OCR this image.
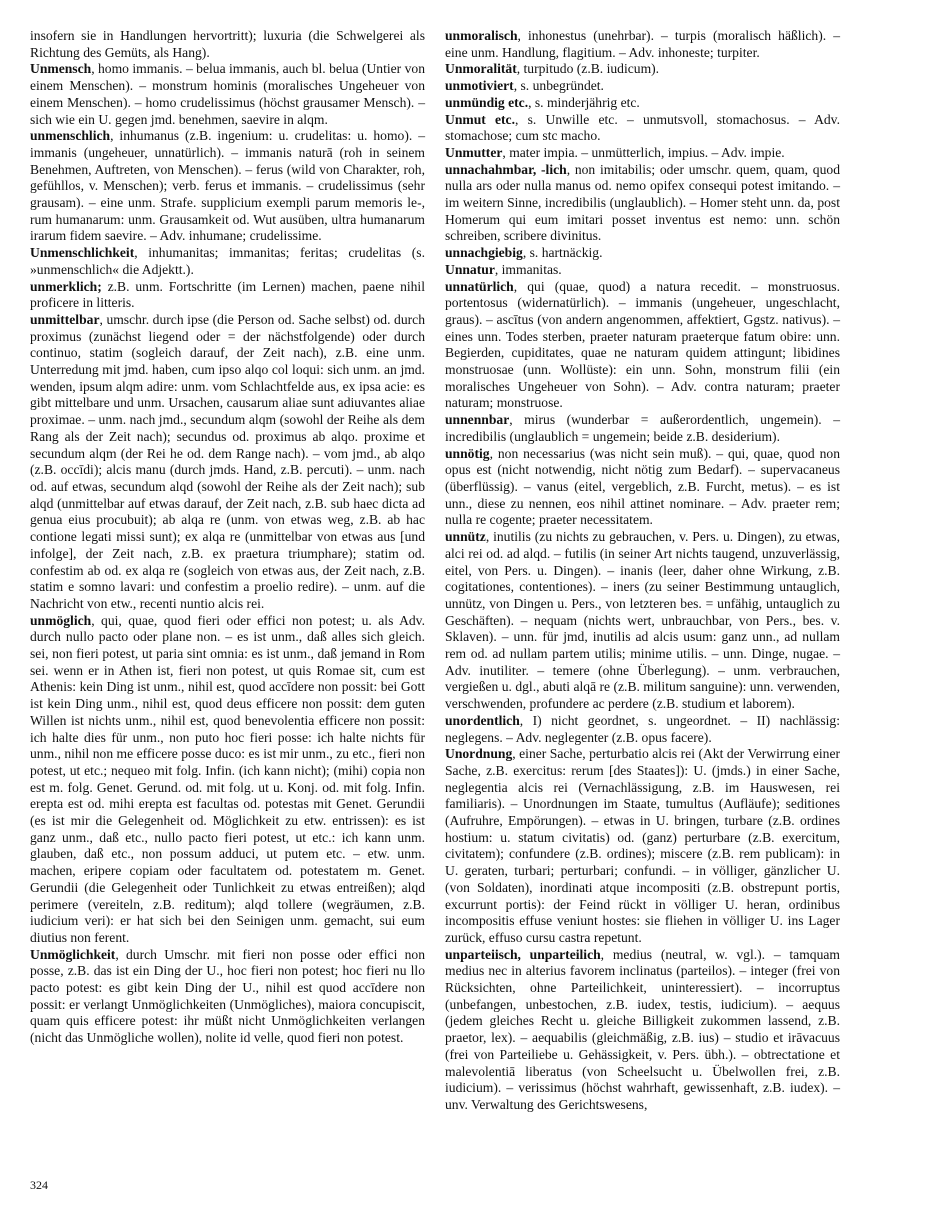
insofern sie in Handlungen hervortritt); luxuria (die Schwelgerei als Richtung des Gemüts, als Hang).

Unmensch, homo immanis. – belua immanis, auch bl. belua (Untier von einem Menschen). – monstrum hominis (moralisches Ungeheuer von einem Menschen). – homo crudelissimus (höchst grausamer Mensch). – sich wie ein U. gegen jmd. benehmen, saevire in alqm.

unmenschlich, inhumanus (z.B. ingenium: u. crudelitas: u. homo). – immanis (ungeheuer, unnatürlich). – immanis naturā (roh in seinem Benehmen, Auftreten, von Menschen). – ferus (wild von Charakter, roh, gefühllos, v. Menschen); verb. ferus et immanis. – crudelissimus (sehr grausam). – eine unm. Strafe. supplicium exempli parum memoris le-, rum humanarum: unm. Grausamkeit od. Wut ausüben, ultra humanarum irarum fidem saevire. – Adv. inhumane; crudelissime.

Unmenschlichkeit, inhumanitas; immanitas; feritas; crudelitas (s. »unmenschlich« die Adjektt.).

unmerklich; z.B. unm. Fortschritte (im Lernen) machen, paene nihil proficere in litteris.

unmittelbar, umschr. durch ipse (die Person od. Sache selbst) od. durch proximus (zunächst liegend oder = der nächstfolgende) oder durch continuo, statim (sogleich darauf, der Zeit nach), z.B. eine unm. Unterredung mit jmd. haben, cum ipso alqo col loqui: sich unm. an jmd. wenden, ipsum alqm adire: unm. vom Schlachtfelde aus, ex ipsa acie: es gibt mittelbare und unm. Ursachen, causarum aliae sunt adiuvantes aliae proximae. – unm. nach jmd., secundum alqm (sowohl der Reihe als dem Rang als der Zeit nach); secundus od. proximus ab alqo. proxime et secundum alqm (der Rei he od. dem Range nach). – vom jmd., ab alqo (z.B. occīdi); alcis manu (durch jmds. Hand, z.B. percuti). – unm. nach od. auf etwas, secundum alqd (sowohl der Reihe als der Zeit nach); sub alqd (unmittelbar auf etwas darauf, der Zeit nach, z.B. sub haec dicta ad genua eius procubuit); ab alqa re (unm. von etwas weg, z.B. ab hac contione legati missi sunt); ex alqa re (unmittelbar von etwas aus [und infolge], der Zeit nach, z.B. ex praetura triumphare); statim od. confestim ab od. ex alqa re (sogleich von etwas aus, der Zeit nach, z.B. statim e somno lavari: und confestim a proelio redire). – unm. auf die Nachricht von etw., recenti nuntio alcis rei.

unmöglich, qui, quae, quod fieri oder effici non potest; u. als Adv. durch nullo pacto oder plane non. – es ist unm., daß alles sich gleich. sei, non fieri potest, ut paria sint omnia: es ist unm., daß jemand in Rom sei. wenn er in Athen ist, fieri non potest, ut quis Romae sit, cum est Athenis: kein Ding ist unm., nihil est, quod accīdere non possit: bei Gott ist kein Ding unm., nihil est, quod deus efficere non possit: dem guten Willen ist nichts unm., nihil est, quod benevolentia efficere non possit: ich halte dies für unm., non puto hoc fieri posse: ich halte nichts für unm., nihil non me efficere posse duco: es ist mir unm., zu etc., fieri non potest, ut etc.; nequeo mit folg. Infin. (ich kann nicht); (mihi) copia non est m. folg. Genet. Gerund. od. mit folg. ut u. Konj. od. mit folg. Infin. erepta est od. mihi erepta est facultas od. potestas mit Genet. Gerundii (es ist mir die Gelegenheit od. Möglichkeit zu etw. entrissen): es ist ganz unm., daß etc., nullo pacto fieri potest, ut etc.: ich kann unm. glauben, daß etc., non possum adduci, ut putem etc. – etw. unm. machen, eripere copiam oder facultatem od. potestatem m. Genet. Gerundii (die Gelegenheit oder Tunlichkeit zu etwas entreißen); alqd perimere (vereiteln, z.B. reditum); alqd tollere (wegräumen, z.B. iudicium veri): er hat sich bei den Seinigen unm. gemacht, sui eum diutius non ferent.

Unmöglichkeit, durch Umschr. mit fieri non posse oder effici non posse, z.B. das ist ein Ding der U., hoc fieri non potest; hoc fieri nu llo pacto potest: es gibt kein Ding der U., nihil est quod accīdere non possit: er verlangt Unmöglichkeiten (Unmögliches), maiora concupiscit, quam quis efficere potest: ihr müßt nicht Unmöglichkeiten verlangen (nicht das Unmögliche wollen), nolite id velle, quod fieri non potest.

unmoralisch, inhonestus (unehrbar). – turpis (moralisch häßlich). – eine unm. Handlung, flagitium. – Adv. inhoneste; turpiter.

Unmoralität, turpitudo (z.B. iudicum).

unmotiviert, s. unbegründet.

unmündig etc., s. minderjährig etc.

Unmut etc., s. Unwille etc. – unmutsvoll, stomachosus. – Adv. stomachose; cum stc macho.

Unmutter, mater impia. – unmütterlich, impius. – Adv. impie.

unnachahmbar, -lich, non imitabilis; oder umschr. quem, quam, quod nulla ars oder nulla manus od. nemo opifex consequi potest imitando. – im weitern Sinne, incredibilis (unglaublich). – Homer steht unn. da, post Homerum qui eum imitari posset inventus est nemo: unn. schön schreiben, scribere divinitus.

unnachgiebig, s. hartnäckig.

Unnatur, immanitas.

unnatürlich, qui (quae, quod) a natura recedit. – monstruosus. portentosus (widernatürlich). – immanis (ungeheuer, ungeschlacht, graus). – ascītus (von andern angenommen, affektiert, Ggstz. nativus). – eines unn. Todes sterben, praeter naturam praeterque fatum obire: unn. Begierden, cupiditates, quae ne naturam quidem attingunt; libidines monstruosae (unn. Wollüste): ein unn. Sohn, monstrum filii (ein moralisches Ungeheuer von Sohn). – Adv. contra naturam; praeter naturam; monstruose.

unnennbar, mirus (wunderbar = außerordentlich, ungemein). – incredibilis (unglaublich = ungemein; beide z.B. desiderium).

unnötig, non necessarius (was nicht sein muß). – qui, quae, quod non opus est (nicht notwendig, nicht nötig zum Bedarf). – supervacaneus (überflüssig). – vanus (eitel, vergeblich, z.B. Furcht, metus). – es ist unn., diese zu nennen, eos nihil attinet nominare. – Adv. praeter rem; nulla re cogente; praeter necessitatem.

unnütz, inutilis (zu nichts zu gebrauchen, v. Pers. u. Dingen), zu etwas, alci rei od. ad alqd. – futilis (in seiner Art nichts taugend, unzuverlässig, eitel, von Pers. u. Dingen). – inanis (leer, daher ohne Wirkung, z.B. cogitationes, contentiones). – iners (zu seiner Bestimmung untauglich, unnütz, von Dingen u. Pers., von letzteren bes. = unfähig, untauglich zu Geschäften). – nequam (nichts wert, unbrauchbar, von Pers., bes. v. Sklaven). – unn. für jmd, inutilis ad alcis usum: ganz unn., ad nullam rem od. ad nullam partem utilis; minime utilis. – unn. Dinge, nugae. – Adv. inutiliter. – temere (ohne Überlegung). – unm. verbrauchen, vergießen u. dgl., abuti alqā re (z.B. militum sanguine): unn. verwenden, verschwenden, profundere ac perdere (z.B. studium et laborem).

unordentlich, I) nicht geordnet, s. ungeordnet. – II) nachlässig: neglegens. – Adv. neglegenter (z.B. opus facere).

Unordnung, einer Sache, perturbatio alcis rei (Akt der Verwirrung einer Sache, z.B. exercitus: rerum [des Staates]): U. (jmds.) in einer Sache, neglegentia alcis rei (Vernachlässigung, z.B. im Hauswesen, rei familiaris). – Unordnungen im Staate, tumultus (Aufläufe); seditiones (Aufruhre, Empörungen). – etwas in U. bringen, turbare (z.B. ordines hostium: u. statum civitatis) od. (ganz) perturbare (z.B. exercitum, civitatem); confundere (z.B. ordines); miscere (z.B. rem publicam): in U. geraten, turbari; perturbari; confundi. – in völliger, gänzlicher U. (von Soldaten), inordinati atque incompositi (z.B. obstrepunt portis, excurrunt portis): der Feind rückt in völliger U. heran, ordinibus incompositis effuse veniunt hostes: sie fliehen in völliger U. ins Lager zurück, effuso cursu castra repetunt.

unparteiisch, unparteilich, medius (neutral, w. vgl.). – tamquam medius nec in alterius favorem inclinatus (parteilos). – integer (frei von Rücksichten, ohne Parteilichkeit, uninteressiert). – incorruptus (unbefangen, unbestochen, z.B. iudex, testis, iudicium). – aequus (jedem gleiches Recht u. gleiche Billigkeit zukommen lassend, z.B. praetor, lex). – aequabilis (gleichmäßig, z.B. ius) – studio et irāvacuus (frei von Parteiliebe u. Gehässigkeit, v. Pers. übh.). – obtrectatione et malevolentiā liberatus (von Scheelsucht u. Übelwollen frei, z.B. iudicium). – verissimus (höchst wahrhaft, gewissenhaft, z.B. iudex). – unv. Verwaltung des Gerichtswesens,

324
